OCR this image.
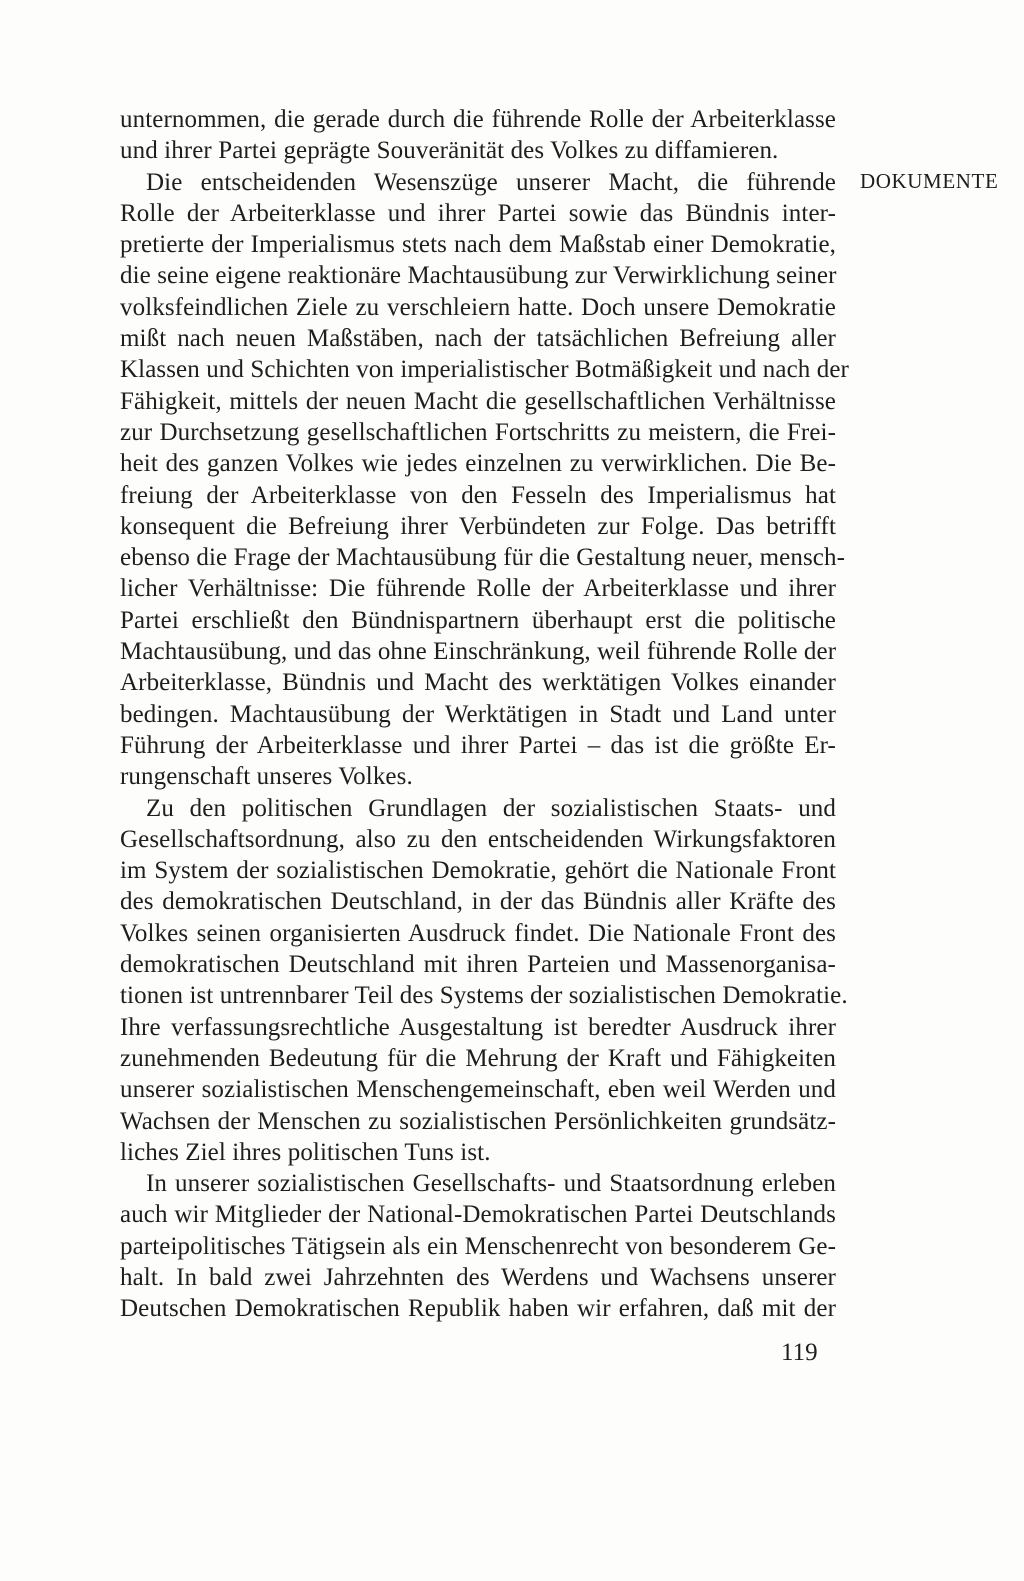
unternommen, die gerade durch die führende Rolle der Arbeiterklasse
und ihrer Partei geprägte Souveränität des Volkes zu diffamieren.
Die entscheidenden Wesenszüge unserer Macht, die führende
Rolle der Arbeiterklasse und ihrer Partei sowie das Bündnis inter-
pretierte der Imperialismus stets nach dem Maßstab einer Demokratie,
die seine eigene reaktionäre Machtausübung zur Verwirklichung seiner
volksfeindlichen Ziele zu verschleiern hatte. Doch unsere Demokratie
mißt nach neuen Maßstäben, nach der tatsächlichen Befreiung aller
Klassen und Schichten von imperialistischer Botmäßigkeit und nach der
Fähigkeit, mittels der neuen Macht die gesellschaftlichen Verhältnisse
zur Durchsetzung gesellschaftlichen Fortschritts zu meistern, die Frei-
heit des ganzen Volkes wie jedes einzelnen zu verwirklichen. Die Be-
freiung der Arbeiterklasse von den Fesseln des Imperialismus hat
konsequent die Befreiung ihrer Verbündeten zur Folge. Das betrifft
ebenso die Frage der Machtausübung für die Gestaltung neuer, mensch-
licher Verhältnisse: Die führende Rolle der Arbeiterklasse und ihrer
Partei erschließt den Bündnispartnern überhaupt erst die politische
Machtausübung, und das ohne Einschränkung, weil führende Rolle der
Arbeiterklasse, Bündnis und Macht des werktätigen Volkes einander
bedingen. Machtausübung der Werktätigen in Stadt und Land unter
Führung der Arbeiterklasse und ihrer Partei – das ist die größte Er-
rungenschaft unseres Volkes.
Zu den politischen Grundlagen der sozialistischen Staats- und
Gesellschaftsordnung, also zu den entscheidenden Wirkungsfaktoren
im System der sozialistischen Demokratie, gehört die Nationale Front
des demokratischen Deutschland, in der das Bündnis aller Kräfte des
Volkes seinen organisierten Ausdruck findet. Die Nationale Front des
demokratischen Deutschland mit ihren Parteien und Massenorganisa-
tionen ist untrennbarer Teil des Systems der sozialistischen Demokratie.
Ihre verfassungsrechtliche Ausgestaltung ist beredter Ausdruck ihrer
zunehmenden Bedeutung für die Mehrung der Kraft und Fähigkeiten
unserer sozialistischen Menschengemeinschaft, eben weil Werden und
Wachsen der Menschen zu sozialistischen Persönlichkeiten grundsätz-
liches Ziel ihres politischen Tuns ist.
In unserer sozialistischen Gesellschafts- und Staatsordnung erleben
auch wir Mitglieder der National-Demokratischen Partei Deutschlands
parteipolitisches Tätigsein als ein Menschenrecht von besonderem Ge-
halt. In bald zwei Jahrzehnten des Werdens und Wachsens unserer
Deutschen Demokratischen Republik haben wir erfahren, daß mit der
DOKUMENTE
119
